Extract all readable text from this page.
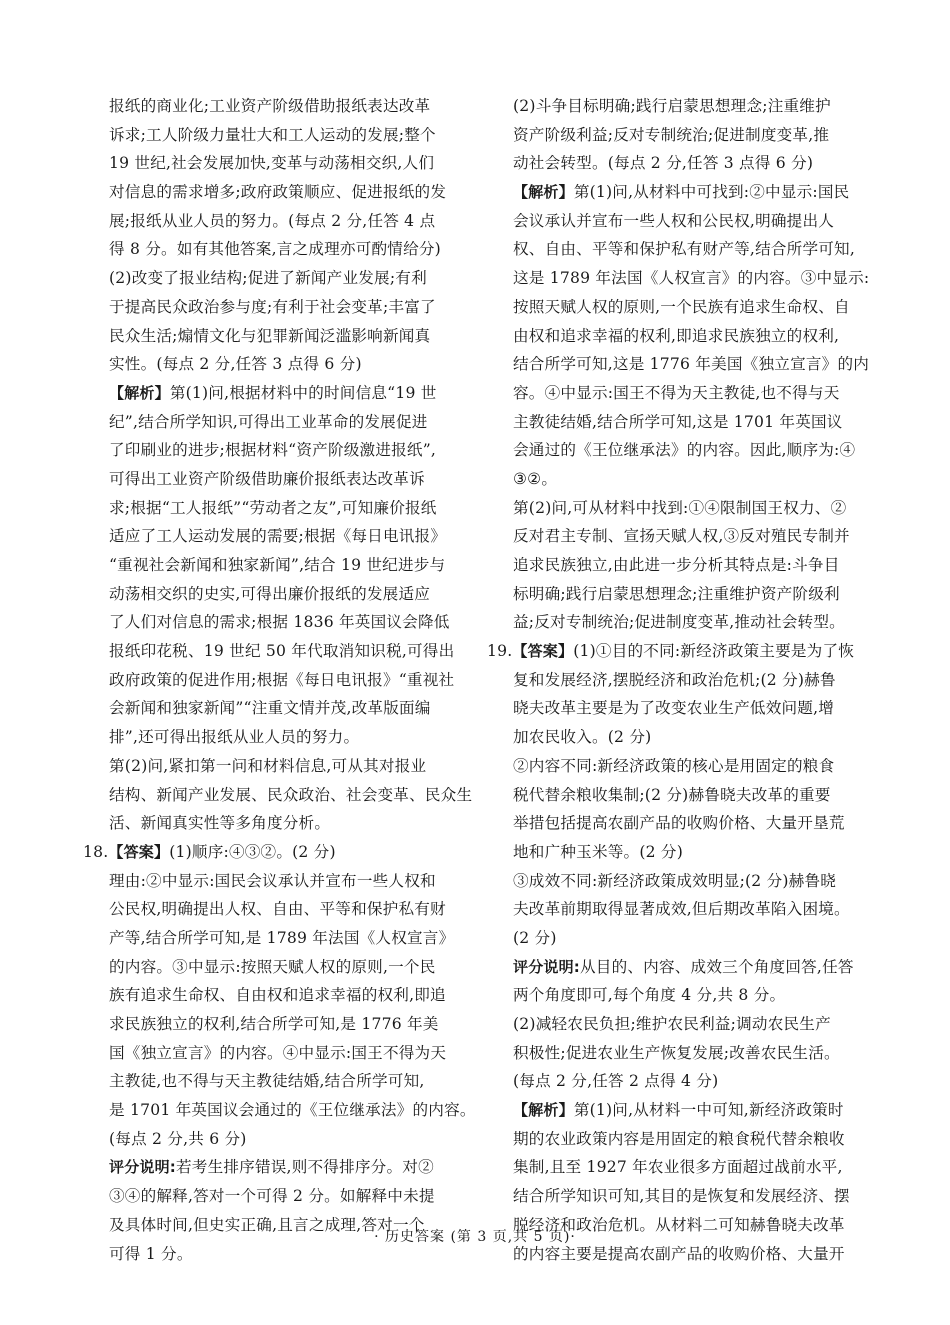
报纸的商业化;工业资产阶级借助报纸表达改革
诉求;工人阶级力量壮大和工人运动的发展;整个
19 世纪,社会发展加快,变革与动荡相交织,人们
对信息的需求增多;政府政策顺应、促进报纸的发
展;报纸从业人员的努力。(每点 2 分,任答 4 点
得 8 分。如有其他答案,言之成理亦可酌情给分)
(2)改变了报业结构;促进了新闻产业发展;有利
于提高民众政治参与度;有利于社会变革;丰富了
民众生活;煽情文化与犯罪新闻泛滥影响新闻真
实性。(每点 2 分,任答 3 点得 6 分)
【解析】第(1)问,根据材料中的时间信息“19 世
纪”,结合所学知识,可得出工业革命的发展促进
了印刷业的进步;根据材料“资产阶级激进报纸”,
可得出工业资产阶级借助廉价报纸表达改革诉
求;根据“工人报纸”“劳动者之友”,可知廉价报纸
适应了工人运动发展的需要;根据《每日电讯报》
“重视社会新闻和独家新闻”,结合 19 世纪进步与
动荡相交织的史实,可得出廉价报纸的发展适应
了人们对信息的需求;根据 1836 年英国议会降低
报纸印花税、19 世纪 50 年代取消知识税,可得出
政府政策的促进作用;根据《每日电讯报》“重视社
会新闻和独家新闻”“注重文情并茂,改革版面编
排”,还可得出报纸从业人员的努力。
第(2)问,紧扣第一问和材料信息,可从其对报业
结构、新闻产业发展、民众政治、社会变革、民众生
活、新闻真实性等多角度分析。
18.【答案】(1)顺序:④③②。(2 分)
理由:②中显示:国民会议承认并宣布一些人权和
公民权,明确提出人权、自由、平等和保护私有财
产等,结合所学可知,是 1789 年法国《人权宣言》
的内容。③中显示:按照天赋人权的原则,一个民
族有追求生命权、自由权和追求幸福的权利,即追
求民族独立的权利,结合所学可知,是 1776 年美
国《独立宣言》的内容。④中显示:国王不得为天
主教徒,也不得与天主教徒结婚,结合所学可知,
是 1701 年英国议会通过的《王位继承法》的内容。
(每点 2 分,共 6 分)
评分说明:若考生排序错误,则不得排序分。对②
③④的解释,答对一个可得 2 分。如解释中未提
及具体时间,但史实正确,且言之成理,答对一个
可得 1 分。
(2)斗争目标明确;践行启蒙思想理念;注重维护
资产阶级利益;反对专制统治;促进制度变革,推
动社会转型。(每点 2 分,任答 3 点得 6 分)
【解析】第(1)问,从材料中可找到:②中显示:国民
会议承认并宣布一些人权和公民权,明确提出人
权、自由、平等和保护私有财产等,结合所学可知,
这是 1789 年法国《人权宣言》的内容。③中显示:
按照天赋人权的原则,一个民族有追求生命权、自
由权和追求幸福的权利,即追求民族独立的权利,
结合所学可知,这是 1776 年美国《独立宣言》的内
容。④中显示:国王不得为天主教徒,也不得与天
主教徒结婚,结合所学可知,这是 1701 年英国议
会通过的《王位继承法》的内容。因此,顺序为:④
③②。
第(2)问,可从材料中找到:①④限制国王权力、②
反对君主专制、宣扬天赋人权,③反对殖民专制并
追求民族独立,由此进一步分析其特点是:斗争目
标明确;践行启蒙思想理念;注重维护资产阶级利
益;反对专制统治;促进制度变革,推动社会转型。
19.【答案】(1)①目的不同:新经济政策主要是为了恢
复和发展经济,摆脱经济和政治危机;(2 分)赫鲁
晓夫改革主要是为了改变农业生产低效问题,增
加农民收入。(2 分)
②内容不同:新经济政策的核心是用固定的粮食
税代替余粮收集制;(2 分)赫鲁晓夫改革的重要
举措包括提高农副产品的收购价格、大量开垦荒
地和广种玉米等。(2 分)
③成效不同:新经济政策成效明显;(2 分)赫鲁晓
夫改革前期取得显著成效,但后期改革陷入困境。
(2 分)
评分说明:从目的、内容、成效三个角度回答,任答
两个角度即可,每个角度 4 分,共 8 分。
(2)减轻农民负担;维护农民利益;调动农民生产
积极性;促进农业生产恢复发展;改善农民生活。
(每点 2 分,任答 2 点得 4 分)
【解析】第(1)问,从材料一中可知,新经济政策时
期的农业政策内容是用固定的粮食税代替余粮收
集制,且至 1927 年农业很多方面超过战前水平,
结合所学知识可知,其目的是恢复和发展经济、摆
脱经济和政治危机。从材料二可知赫鲁晓夫改革
的内容主要是提高农副产品的收购价格、大量开
· 历史答案 (第 3 页,共 5 页)·
